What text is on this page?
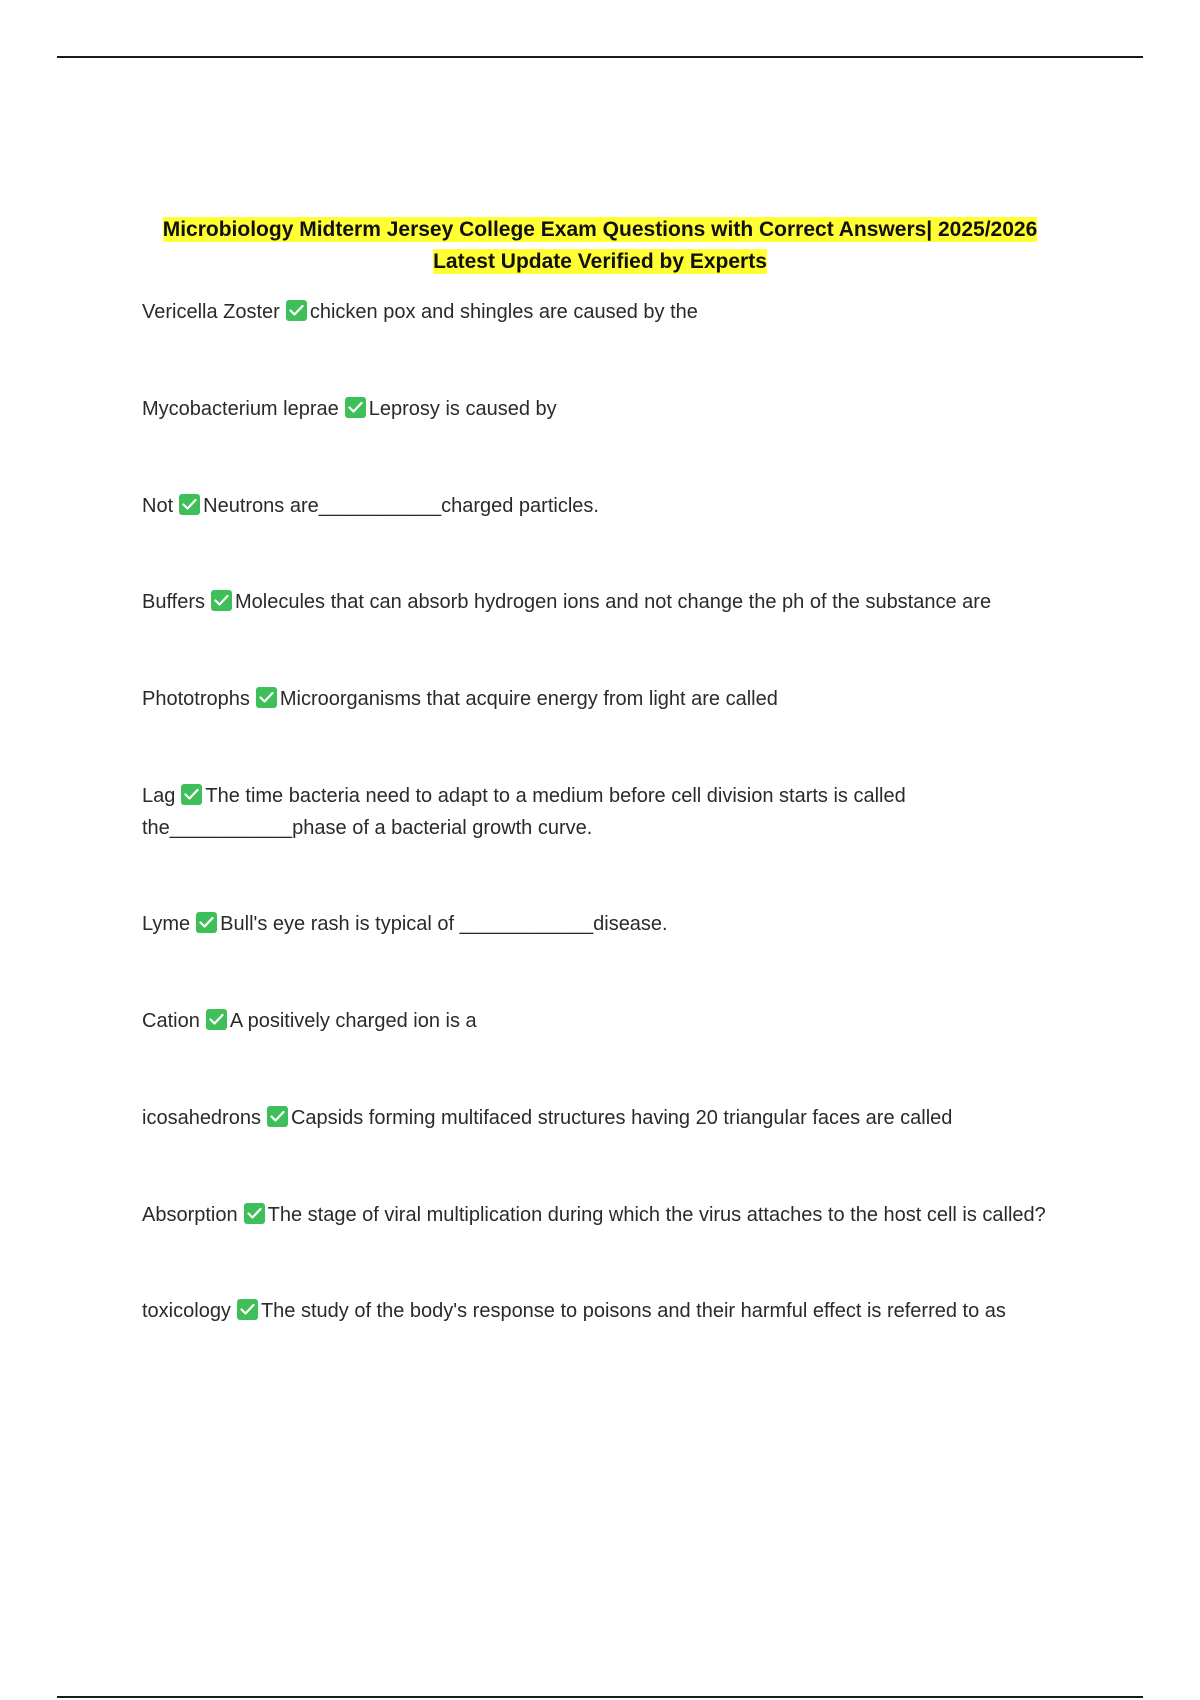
Microbiology Midterm Jersey College Exam Questions with Correct Answers| 2025/2026
Latest Update Verified by Experts
Vericella Zoster chicken pox and shingles are caused by the
Mycobacterium leprae Leprosy is caused by
Not Neutrons are___________charged particles.
Buffers Molecules that can absorb hydrogen ions and not change the ph of the substance are
Phototrophs Microorganisms that acquire energy from light are called
Lag The time bacteria need to adapt to a medium before cell division starts is called the___________phase of a bacterial growth curve.
Lyme Bull's eye rash is typical of ____________disease.
Cation A positively charged ion is a
icosahedrons Capsids forming multifaced structures having 20 triangular faces are called
Absorption The stage of viral multiplication during which the virus attaches to the host cell is called?
toxicology The study of the body's response to poisons and their harmful effect is referred to as
